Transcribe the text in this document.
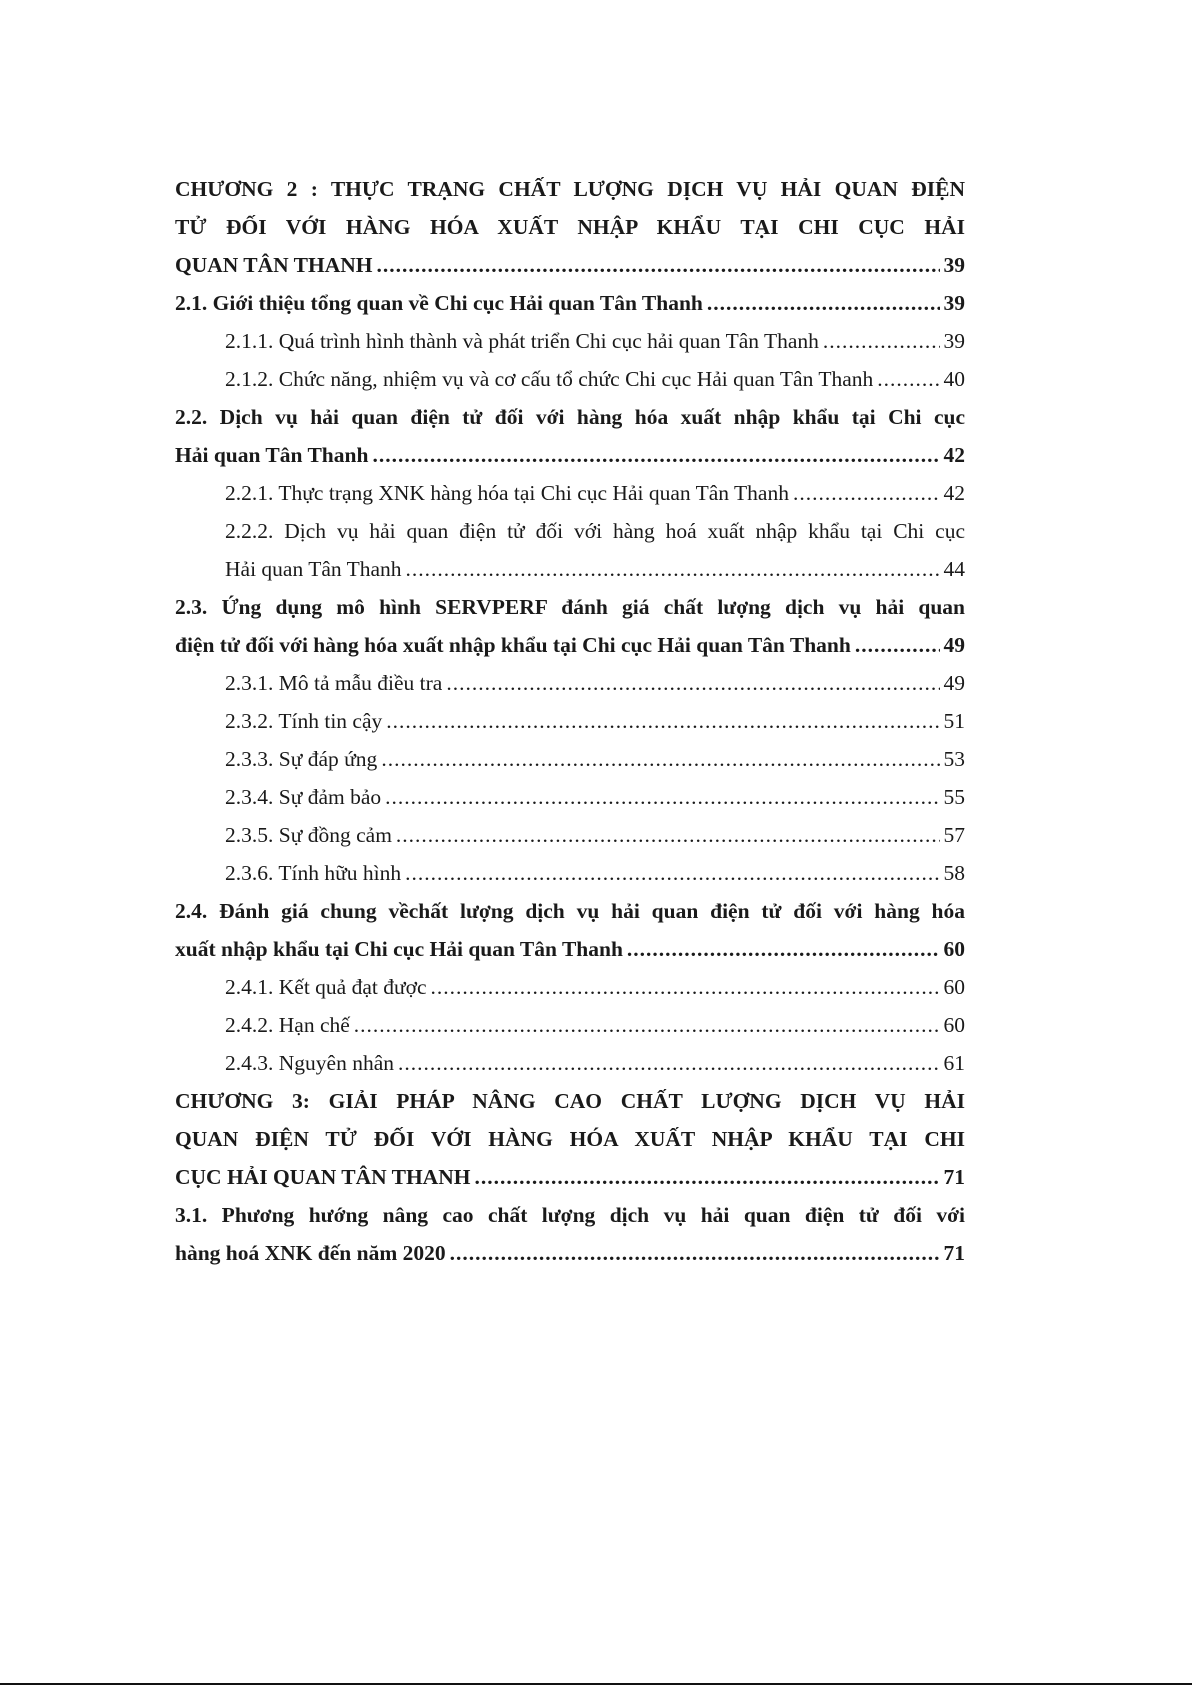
CHƯƠNG 2 : THỰC TRẠNG CHẤT LƯỢNG DỊCH VỤ HẢI QUAN ĐIỆN
TỬ ĐỐI VỚI HÀNG HÓA XUẤT NHẬP KHẨU TẠI CHI CỤC HẢI
QUAN TÂN THANH .....	39
2.1. Giới thiệu tổng quan về Chi cục Hải quan Tân Thanh .....	39
2.1.1. Quá trình hình thành và phát triển Chi cục hải quan Tân Thanh .....	39
2.1.2. Chức năng, nhiệm vụ và cơ cấu tổ chức Chi cục Hải quan Tân Thanh .....	40
2.2. Dịch vụ hải quan điện tử đối với hàng hóa xuất nhập khẩu tại Chi cục
Hải quan Tân Thanh .....	42
2.2.1. Thực trạng XNK hàng hóa tại Chi cục Hải quan Tân Thanh .....	42
2.2.2. Dịch vụ hải quan điện tử đối với hàng hoá xuất nhập khẩu tại Chi cục
Hải quan Tân Thanh .....	44
2.3. Ứng dụng mô hình SERVPERF đánh giá chất lượng dịch vụ hải quan
điện tử đối với hàng hóa xuất nhập khẩu tại Chi cục Hải quan Tân Thanh .....	49
2.3.1. Mô tả mẫu điều tra .....	49
2.3.2. Tính tin cậy .....	51
2.3.3. Sự đáp ứng .....	53
2.3.4. Sự đảm bảo .....	55
2.3.5. Sự đồng cảm .....	57
2.3.6. Tính hữu hình .....	58
2.4. Đánh giá chung vềchất lượng dịch vụ hải quan điện tử đối với hàng hóa
xuất nhập khẩu tại Chi cục Hải quan Tân Thanh .....	60
2.4.1. Kết quả đạt được .....	60
2.4.2. Hạn chế .....	60
2.4.3. Nguyên nhân .....	61
CHƯƠNG 3: GIẢI PHÁP NÂNG CAO CHẤT LƯỢNG DỊCH VỤ HẢI
QUAN ĐIỆN TỬ ĐỐI VỚI HÀNG HÓA XUẤT NHẬP KHẨU TẠI CHI
CỤC HẢI QUAN TÂN THANH .....	71
3.1. Phương hướng nâng cao chất lượng dịch vụ hải quan điện tử đối với
hàng hoá XNK đến năm 2020 .....	71
